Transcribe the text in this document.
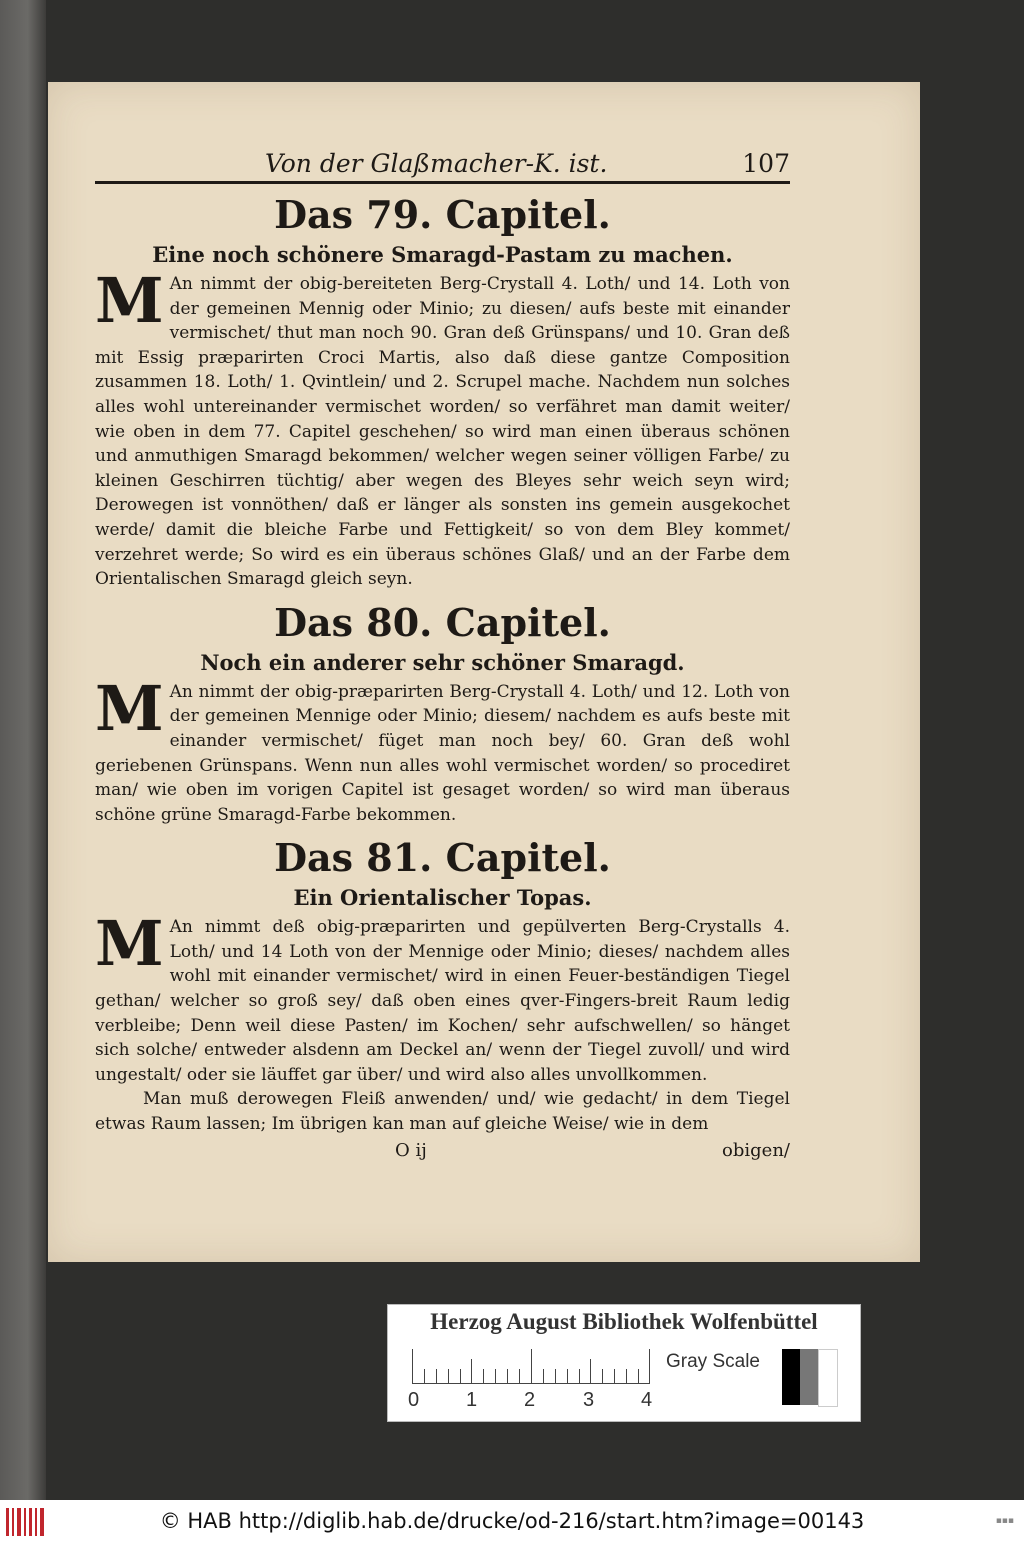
Von der Glaßmacher-K. ist.	107
Das 79. Capitel.
Eine noch schönere Smaragd-Pastam zu machen.

M An nimmt der obig-bereiteten Berg-Crystall 4. Loth/ und 14. Loth von der gemeinen Mennig oder Minio; zu diesen/ aufs beste mit einander vermischet/ thut man noch 90. Gran deß Grünspans/ und 10. Gran deß mit Essig præparirten Croci Martis, also daß diese gantze Composition zusammen 18. Loth/ 1. Qvintlein/ und 2. Scrupel mache. Nachdem nun solches alles wohl untereinander vermischet worden/ so verfähret man damit weiter/ wie oben in dem 77. Capitel geschehen/ so wird man einen überaus schönen und anmuthigen Smaragd bekommen/ welcher wegen seiner völligen Farbe/ zu kleinen Geschirren tüchtig/ aber wegen des Bleyes sehr weich seyn wird; Derowegen ist vonnöthen/ daß er länger als sonsten ins gemein ausgekochet werde/ damit die bleiche Farbe und Fettigkeit/ so von dem Bley kommet/ verzehret werde; So wird es ein überaus schönes Glaß/ und an der Farbe dem Orientalischen Smaragd gleich seyn.

Das 80. Capitel.
Noch ein anderer sehr schöner Smaragd.

M An nimmt der obig-præparirten Berg-Crystall 4. Loth/ und 12. Loth von der gemeinen Mennige oder Minio; diesem/ nachdem es aufs beste mit einander vermischet/ füget man noch bey/ 60. Gran deß wohl geriebenen Grünspans. Wenn nun alles wohl vermischet worden/ so procediret man/ wie oben im vorigen Capitel ist gesaget worden/ so wird man überaus schöne grüne Smaragd-Farbe bekommen.

Das 81. Capitel.
Ein Orientalischer Topas.

M An nimmt deß obig-præparirten und gepülverten Berg-Crystalls 4. Loth/ und 14 Loth von der Mennige oder Minio; dieses/ nachdem alles wohl mit einander vermischet/ wird in einen Feuer-beständigen Tiegel gethan/ welcher so groß sey/ daß oben eines qver-Fingers-breit Raum ledig verbleibe; Denn weil diese Pasten/ im Kochen/ sehr aufschwellen/ so hänget sich solche/ entweder alsdenn am Deckel an/ wenn der Tiegel zuvoll/ und wird ungestalt/ oder sie läuffet gar über/ und wird also alles unvollkommen.

Man muß derowegen Fleiß anwenden/ und/ wie gedacht/ in dem Tiegel etwas Raum lassen; Im übrigen kan man auf gleiche Weise/ wie in dem

O ij	obigen/
Herzog August Bibliothek Wolfenbüttel
0 1 2 3 4
Gray Scale
© HAB http://diglib.hab.de/drucke/od-216/start.htm?image=00143	▪▪▪
